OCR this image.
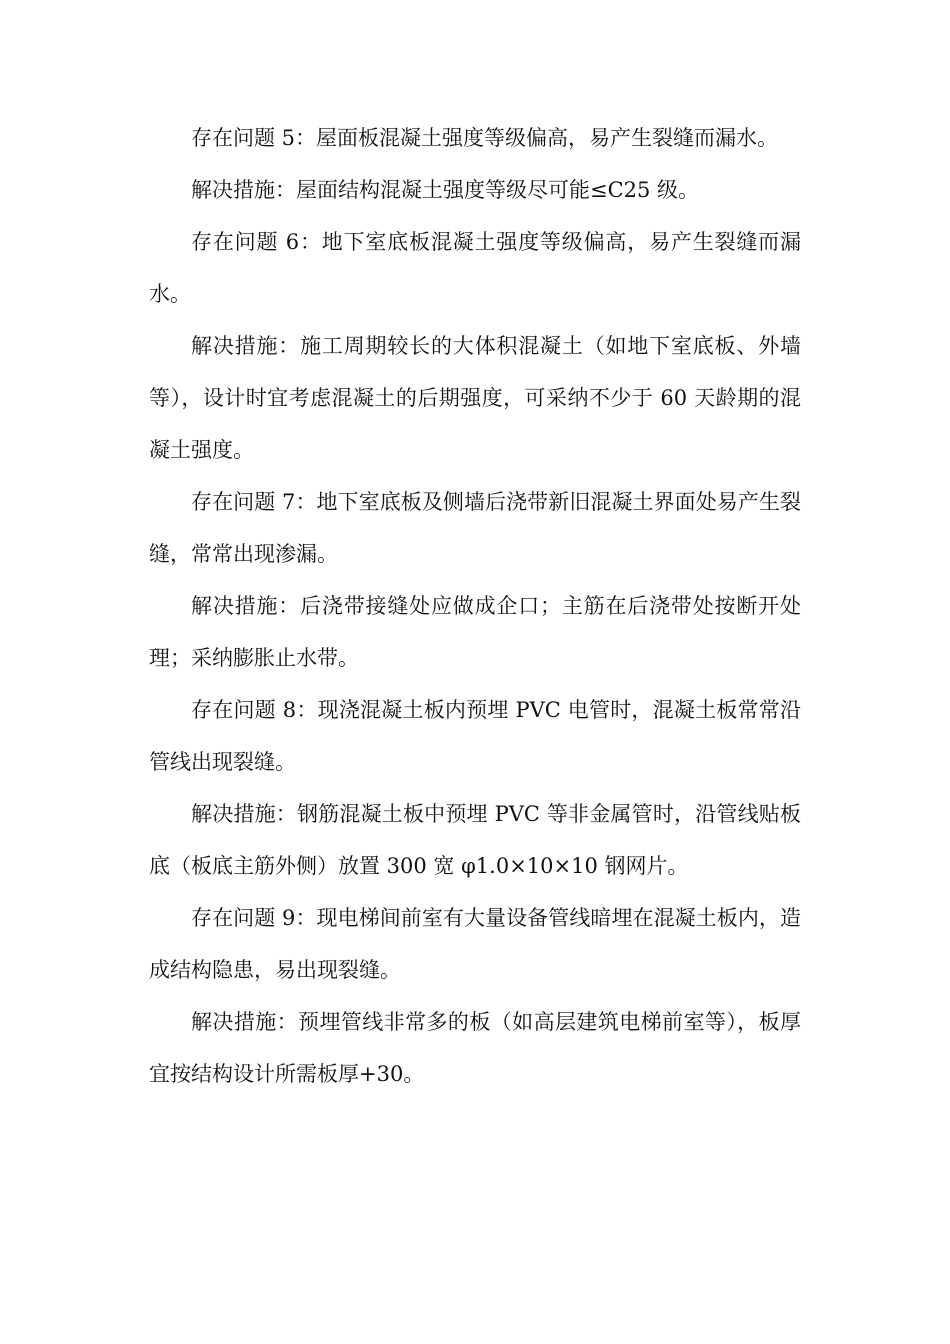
存在问题 5：屋面板混凝土强度等级偏高，易产生裂缝而漏水。

解决措施：屋面结构混凝土强度等级尽可能≤C25 级。

存在问题 6：地下室底板混凝土强度等级偏高，易产生裂缝而漏水。

解决措施：施工周期较长的大体积混凝土（如地下室底板、外墙等），设计时宜考虑混凝土的后期强度，可采纳不少于 60 天龄期的混凝土强度。

存在问题 7：地下室底板及侧墙后浇带新旧混凝土界面处易产生裂缝，常常出现渗漏。

解决措施：后浇带接缝处应做成企口；主筋在后浇带处按断开处理；采纳膨胀止水带。

存在问题 8：现浇混凝土板内预埋 PVC 电管时，混凝土板常常沿管线出现裂缝。

解决措施：钢筋混凝土板中预埋 PVC 等非金属管时，沿管线贴板底（板底主筋外侧）放置 300 宽 φ1.0×10×10 钢网片。

存在问题 9：现电梯间前室有大量设备管线暗埋在混凝土板内，造成结构隐患，易出现裂缝。

解决措施：预埋管线非常多的板（如高层建筑电梯前室等），板厚宜按结构设计所需板厚+30。
